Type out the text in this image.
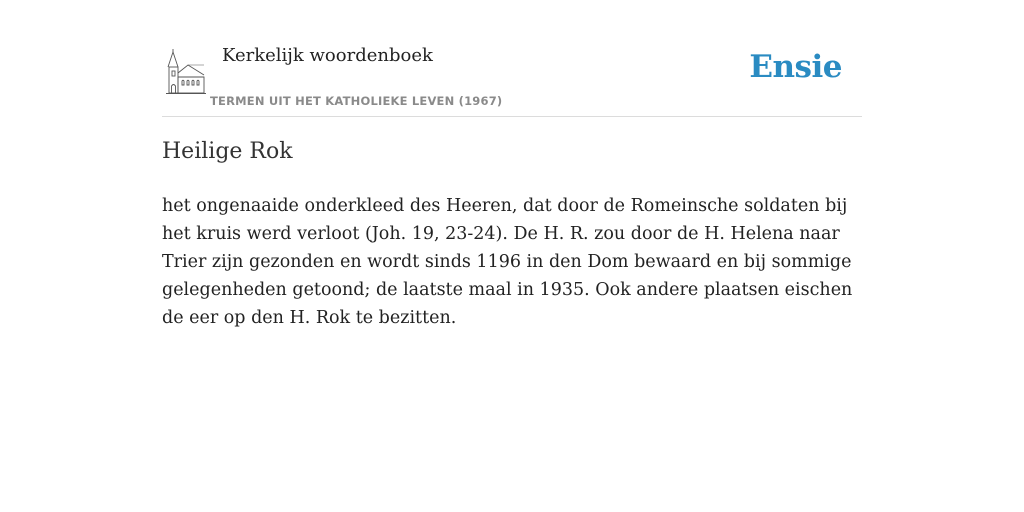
Kerkelijk woordenboek
TERMEN UIT HET KATHOLIEKE LEVEN (1967)
Ensie
Heilige Rok

het ongenaaide onderkleed des Heeren, dat door de Romeinsche soldaten bij het kruis werd verloot (Joh. 19, 23-24). De H. R. zou door de H. Helena naar Trier zijn gezonden en wordt sinds 1196 in den Dom bewaard en bij sommige gelegenheden getoond; de laatste maal in 1935. Ook andere plaatsen eischen de eer op den H. Rok te bezitten.
